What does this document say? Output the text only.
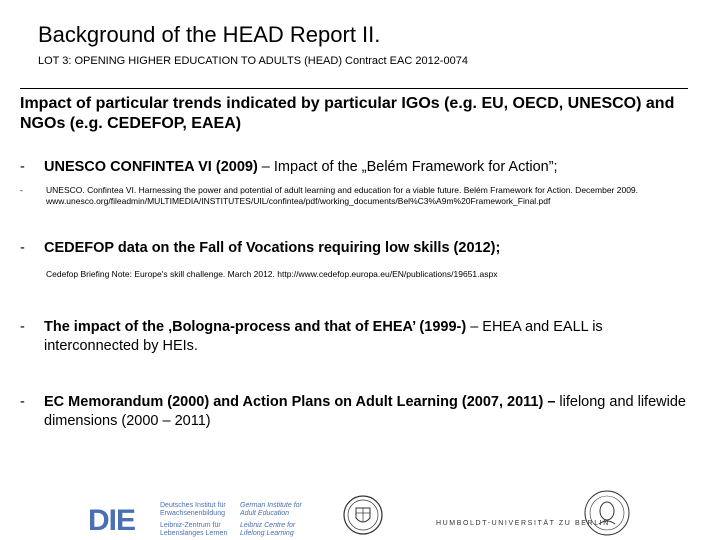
Background of the HEAD Report II.
LOT 3: OPENING HIGHER EDUCATION TO ADULTS (HEAD) Contract EAC 2012-0074
Impact of particular trends indicated by particular IGOs (e.g. EU, OECD, UNESCO) and NGOs (e.g. CEDEFOP, EAEA)
-	UNESCO CONFINTEA VI (2009) – Impact of the „Belém Framework for Action”;
-	UNESCO. Confintea VI. Harnessing the power and potential of adult learning and education for a viable future. Belém Framework for Action. December 2009. www.unesco.org/fileadmin/MULTIMEDIA/INSTITUTES/UIL/confintea/pdf/working_documents/Bel%C3%A9m%20Framework_Final.pdf
-	CEDEFOP data on the Fall of Vocations requiring low skills (2012);
Cedefop Briefing Note: Europe's skill challenge. March 2012. http://www.cedefop.europa.eu/EN/publications/19651.aspx
-	The impact of the ‚Bologna-process and that of EHEA’ (1999-) – EHEA and EALL is interconnected by HEIs.
-	EC Memorandum (2000) and Action Plans on Adult Learning (2007, 2011) – lifelong and lifewide dimensions (2000 – 2011)
DIE	Deutsches Institut für
Erwachsenenbildung
Leibniz-Zentrum für
Lebenslanges Lernen
German Institute for
Adult Education
Leibniz Centre for
Lifelong Learning
HUMBOLDT-UNIVERSITÄT ZU BERLIN
